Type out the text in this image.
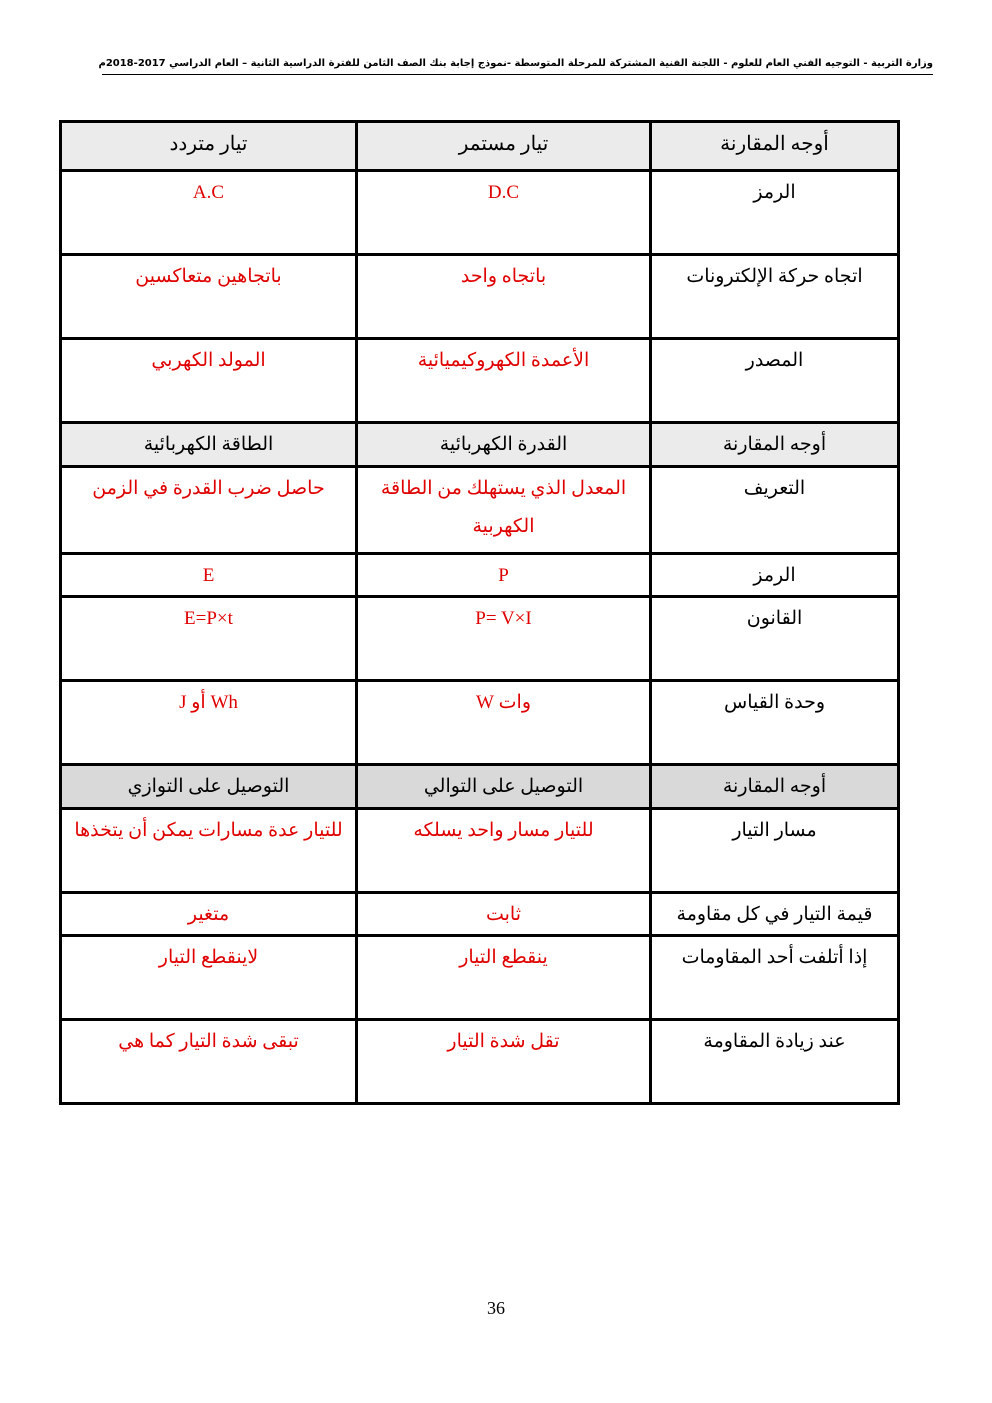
وزارة التربية - التوجيه الفني العام للعلوم - اللجنة الفنية المشتركة للمرحلة المتوسطة -نموذج إجابة بنك الصف الثامن للفترة الدراسية الثانية – العام الدراسي 2017-2018م
أوجه المقارنة	تيار مستمر	تيار متردد
الرمز	D.C	A.C
اتجاه حركة الإلكترونات	باتجاه واحد	باتجاهين متعاكسين
المصدر	الأعمدة الكهروكيميائية	المولد الكهربي
أوجه المقارنة	القدرة الكهربائية	الطاقة الكهربائية
التعريف	المعدل الذي يستهلك من الطاقة الكهربية	حاصل ضرب القدرة في الزمن
الرمز	P	E
القانون	P= V×I	E=P×t
وحدة القياس	وات W	Wh أو J
أوجه المقارنة	التوصيل على التوالي	التوصيل على التوازي
مسار التيار	للتيار مسار واحد يسلكه	للتيار عدة مسارات يمكن أن يتخذها
قيمة التيار في كل مقاومة	ثابت	متغير
إذا أتلفت أحد المقاومات	ينقطع التيار	لاينقطع التيار
عند زيادة المقاومة	تقل شدة التيار	تبقى شدة التيار كما هي
36
